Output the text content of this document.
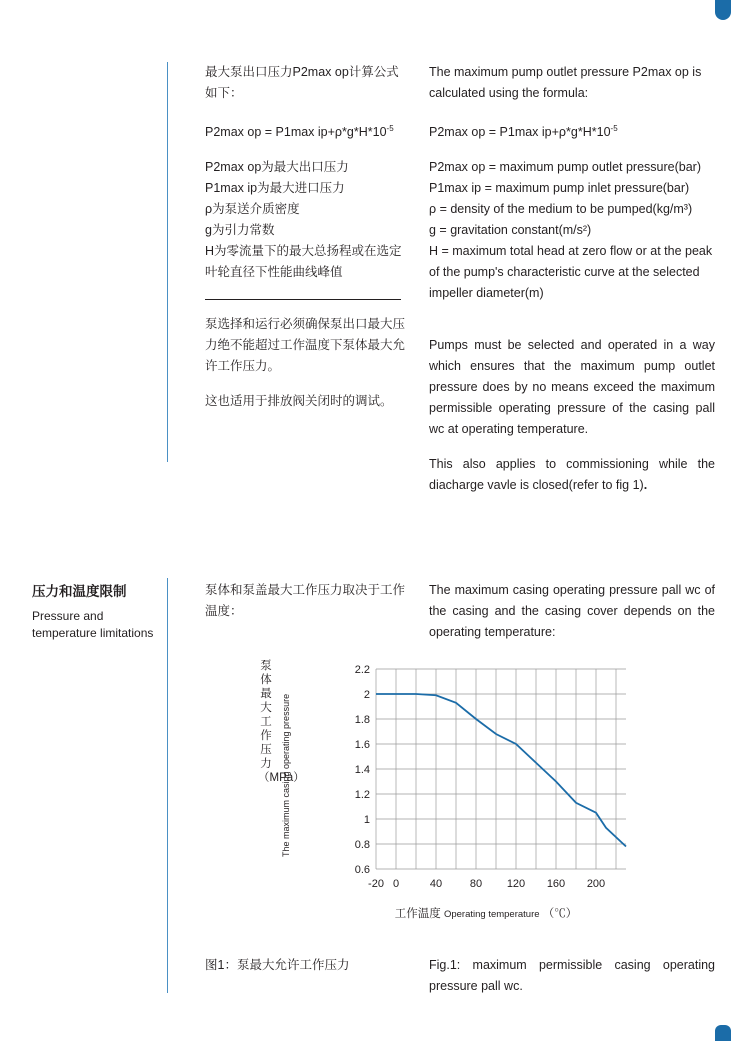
最大泵出口压力P2max op计算公式如下：

P2max op = P1max $ip+\rho*g*H*10^{-5}$

P2max op为最大出口压力

P1max ip为最大进口压力

ρ为泵送介质密度

g为引力常数

H为零流量下的最大总扬程或在选定叶轮直径下性能曲线峰值

泵选择和运行必须确保泵出口最大压力绝不能超过工作温度下泵体最大允许工作压力。

这也适用于排放阀关闭时的调试。

The maximum pump outlet pressure P2max op is calculated using the formula:

P2max op = P1max $ip+\rho*g*H*10^{-5}$

P2max op = maximum pump outlet pressure(bar)

P1max ip = maximum pump inlet pressure(bar)

ρ = density of the medium to be pumped(kg/m³)

g = gravitation constant(m/s²)

H = maximum total head at zero flow or at the peak of the pump's characteristic curve at the selected impeller diameter(m)

Pumps must be selected and operated in a way which ensures that the maximum pump outlet pressure does by no means exceed the maximum permissible operating pressure of the casing pall wc at operating temperature.

This also applies to commissioning while the diacharge vavle is closed(refer to fig 1).

压力和温度限制
Pressure and temperature limitations

泵体和泵盖最大工作压力取决于工作温度：

The maximum casing operating pressure pall wc of the casing and the casing cover depends on the operating temperature:

泵体最大工作压力（MPa）
The maximum casing operating pressure
0.6
0.8
1
1.2
1.4
1.6
1.8
2
2.2
-20 0	40	80 120 160 200
工作温度 Operating temperature （℃）
图1：泵最大允许工作压力	Fig.1: maximum permissible casing operating pressure pall wc.
